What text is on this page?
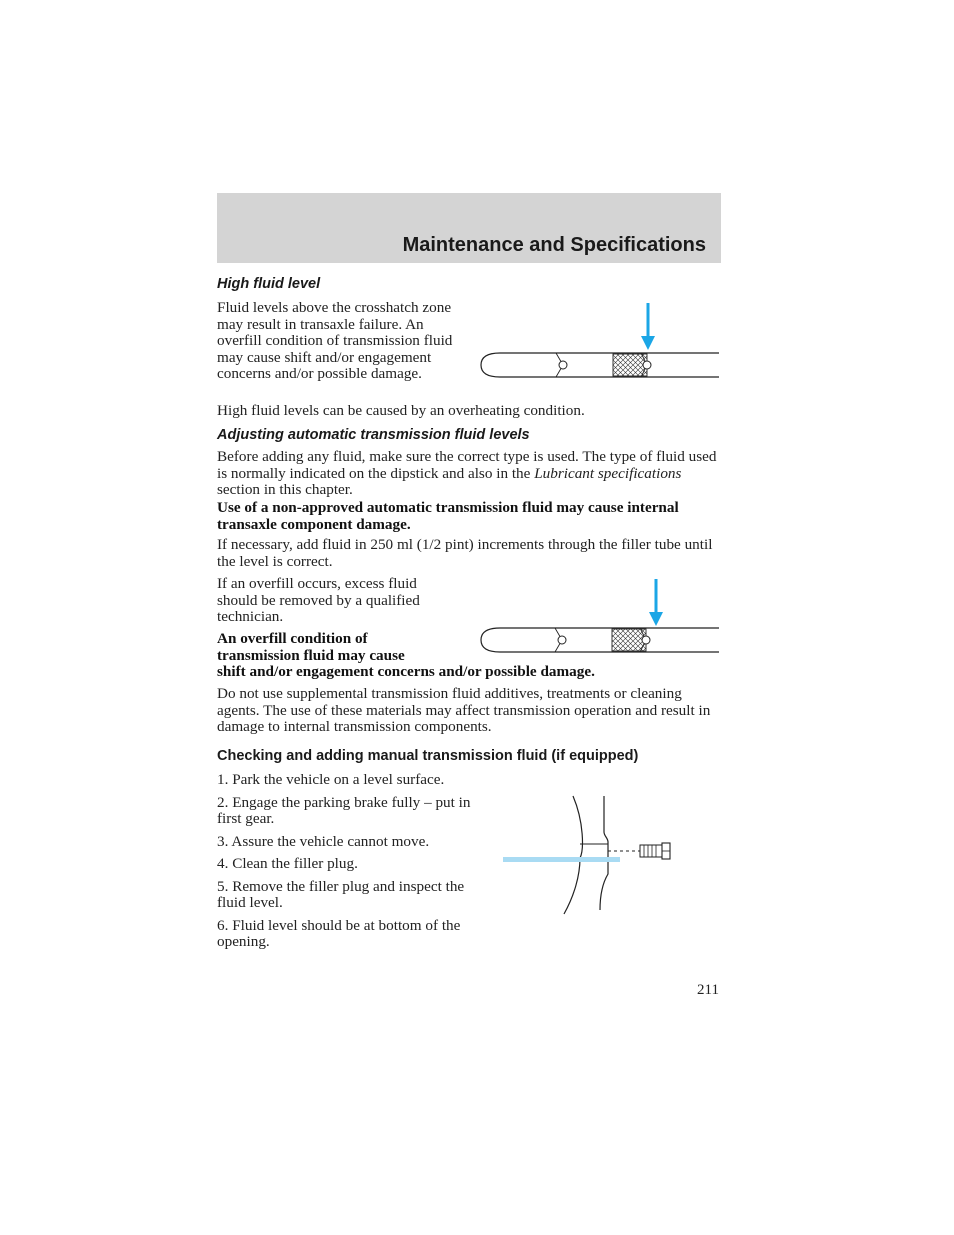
Maintenance and Specifications
High fluid level
Fluid levels above the crosshatch zone may result in transaxle failure. An overfill condition of transmission fluid may cause shift and/or engagement concerns and/or possible damage.
High fluid levels can be caused by an overheating condition.
Adjusting automatic transmission fluid levels
Before adding any fluid, make sure the correct type is used. The type of fluid used is normally indicated on the dipstick and also in the Lubricant specifications section in this chapter.
Use of a non-approved automatic transmission fluid may cause internal transaxle component damage.
If necessary, add fluid in 250 ml (1/2 pint) increments through the filler tube until the level is correct.
If an overfill occurs, excess fluid should be removed by a qualified technician.
An overfill condition of
transmission fluid may cause
shift and/or engagement concerns and/or possible damage.
Do not use supplemental transmission fluid additives, treatments or cleaning agents. The use of these materials may affect transmission operation and result in damage to internal transmission components.
Checking and adding manual transmission fluid (if equipped)
1. Park the vehicle on a level surface.
2. Engage the parking brake fully – put in first gear.
3. Assure the vehicle cannot move.
4. Clean the filler plug.
5. Remove the filler plug and inspect the fluid level.
6. Fluid level should be at bottom of the opening.
211
